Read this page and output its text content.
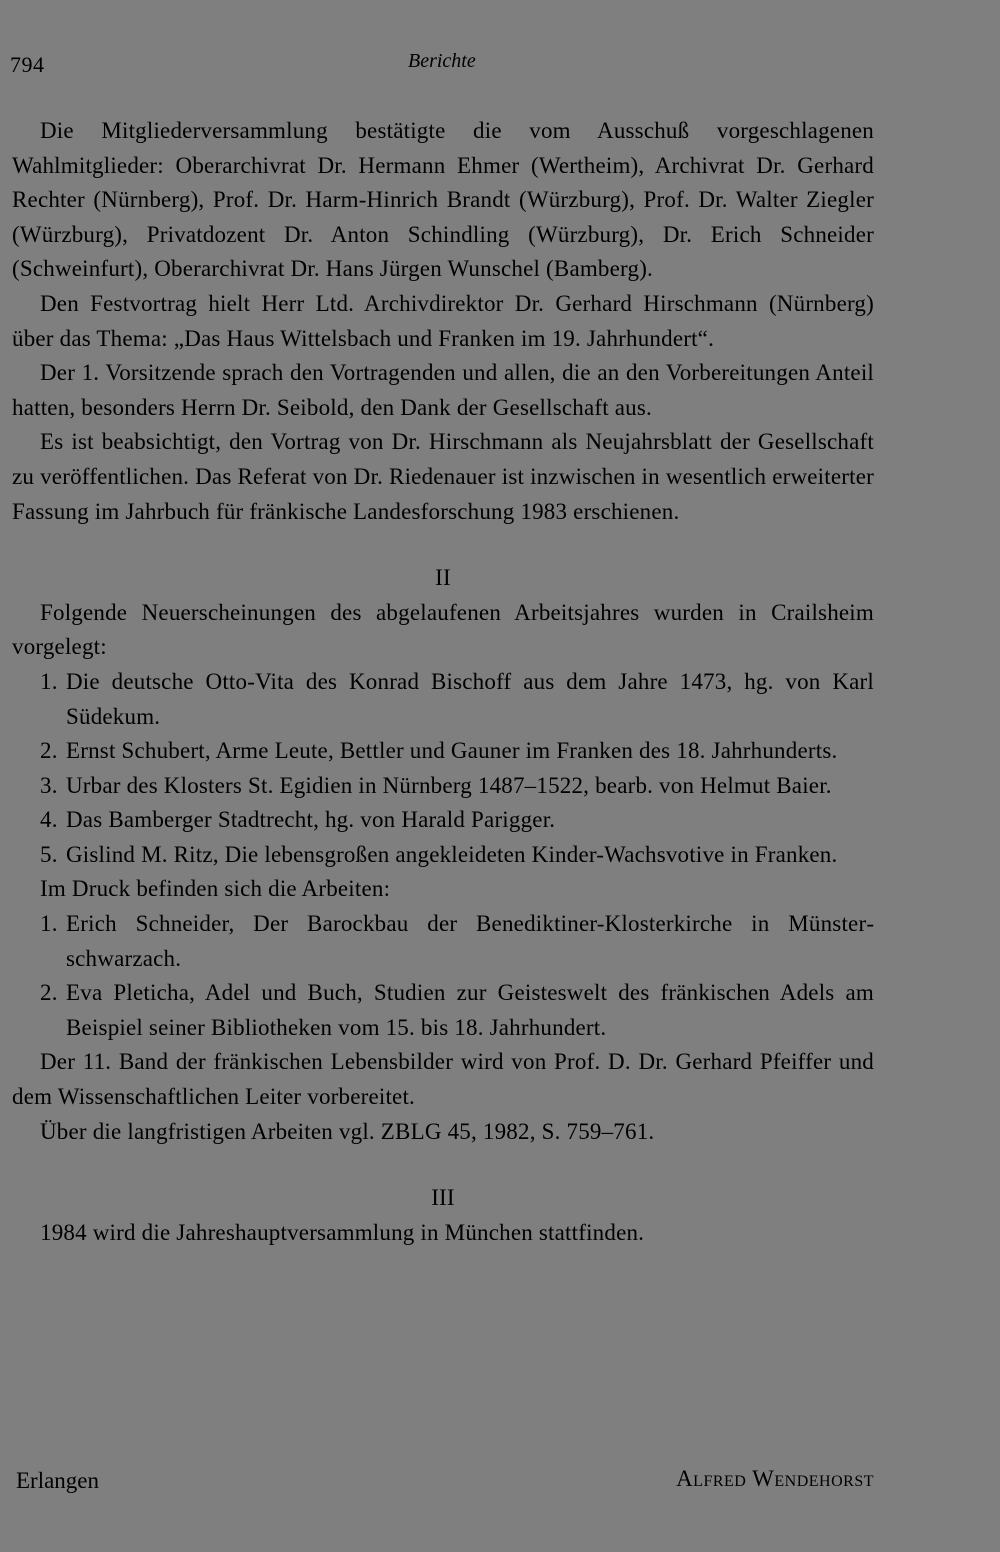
794	Berichte

Die Mitgliederversammlung bestätigte die vom Ausschuß vorgeschlagenen Wahlmitglieder: Oberarchivrat Dr. Hermann Ehmer (Wertheim), Archivrat Dr. Gerhard Rechter (Nürnberg), Prof. Dr. Harm-Hinrich Brandt (Würzburg), Prof. Dr. Walter Ziegler (Würzburg), Privatdozent Dr. Anton Schindling (Würzburg), Dr. Erich Schneider (Schweinfurt), Oberarchivrat Dr. Hans Jürgen Wunschel (Bamberg).

Den Festvortrag hielt Herr Ltd. Archivdirektor Dr. Gerhard Hirschmann (Nürnberg) über das Thema: „Das Haus Wittelsbach und Franken im 19. Jahrhundert“.

Der 1. Vorsitzende sprach den Vortragenden und allen, die an den Vorbereitungen Anteil hatten, besonders Herrn Dr. Seibold, den Dank der Gesellschaft aus.

Es ist beabsichtigt, den Vortrag von Dr. Hirschmann als Neujahrsblatt der Gesellschaft zu veröffentlichen. Das Referat von Dr. Riedenauer ist inzwischen in wesentlich erweiterter Fassung im Jahrbuch für fränkische Landesforschung 1983 erschienen.

II

Folgende Neuerscheinungen des abgelaufenen Arbeitsjahres wurden in Crailsheim vorgelegt:

1. Die deutsche Otto-Vita des Konrad Bischoff aus dem Jahre 1473, hg. von Karl Südekum.
2. Ernst Schubert, Arme Leute, Bettler und Gauner im Franken des 18. Jahrhunderts.
3. Urbar des Klosters St. Egidien in Nürnberg 1487–1522, bearb. von Helmut Baier.
4. Das Bamberger Stadtrecht, hg. von Harald Parigger.
5. Gislind M. Ritz, Die lebensgroßen angekleideten Kinder-Wachsvotive in Franken.

Im Druck befinden sich die Arbeiten:

1. Erich Schneider, Der Barockbau der Benediktiner-Klosterkirche in Münsterschwarzach.
2. Eva Pleticha, Adel und Buch, Studien zur Geisteswelt des fränkischen Adels am Beispiel seiner Bibliotheken vom 15. bis 18. Jahrhundert.

Der 11. Band der fränkischen Lebensbilder wird von Prof. D. Dr. Gerhard Pfeiffer und dem Wissenschaftlichen Leiter vorbereitet.

Über die langfristigen Arbeiten vgl. ZBLG 45, 1982, S. 759–761.

III

1984 wird die Jahreshauptversammlung in München stattfinden.

Erlangen	Alfred Wendehorst
